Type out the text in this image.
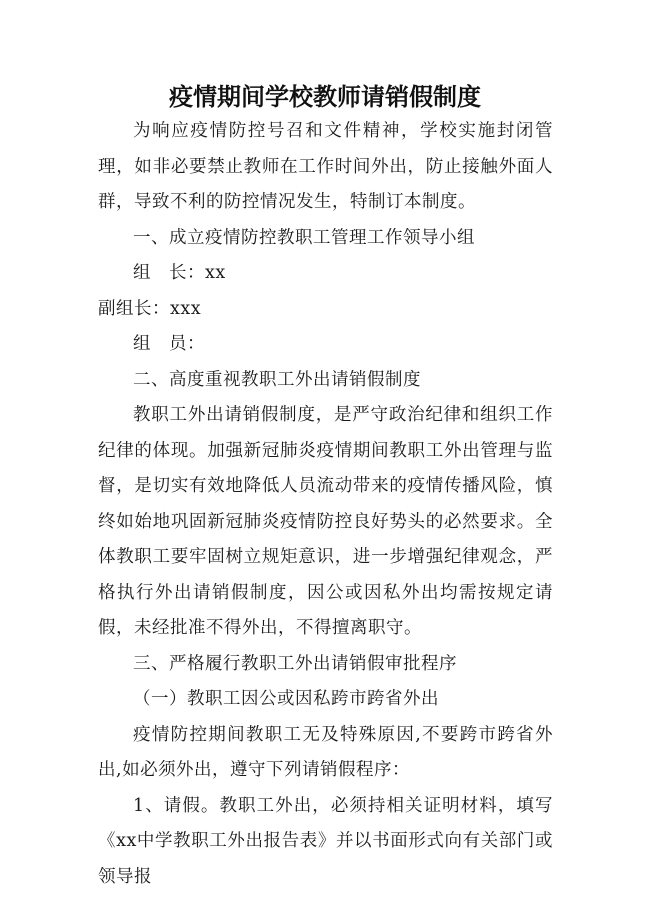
疫情期间学校教师请销假制度

为响应疫情防控号召和文件精神，学校实施封闭管理，如非必要禁止教师在工作时间外出，防止接触外面人群，导致不利的防控情况发生，特制订本制度。

一、成立疫情防控教职工管理工作领导小组

组　长：xx

副组长：xxx

组　员：

二、高度重视教职工外出请销假制度

教职工外出请销假制度，是严守政治纪律和组织工作纪律的体现。加强新冠肺炎疫情期间教职工外出管理与监督，是切实有效地降低人员流动带来的疫情传播风险，慎终如始地巩固新冠肺炎疫情防控良好势头的必然要求。全体教职工要牢固树立规矩意识，进一步增强纪律观念，严格执行外出请销假制度，因公或因私外出均需按规定请假，未经批准不得外出，不得擅离职守。

三、严格履行教职工外出请销假审批程序

（一）教职工因公或因私跨市跨省外出

疫情防控期间教职工无及特殊原因,不要跨市跨省外出,如必须外出，遵守下列请销假程序：

1、请假。教职工外出，必须持相关证明材料，填写《xx中学教职工外出报告表》并以书面形式向有关部门或领导报
